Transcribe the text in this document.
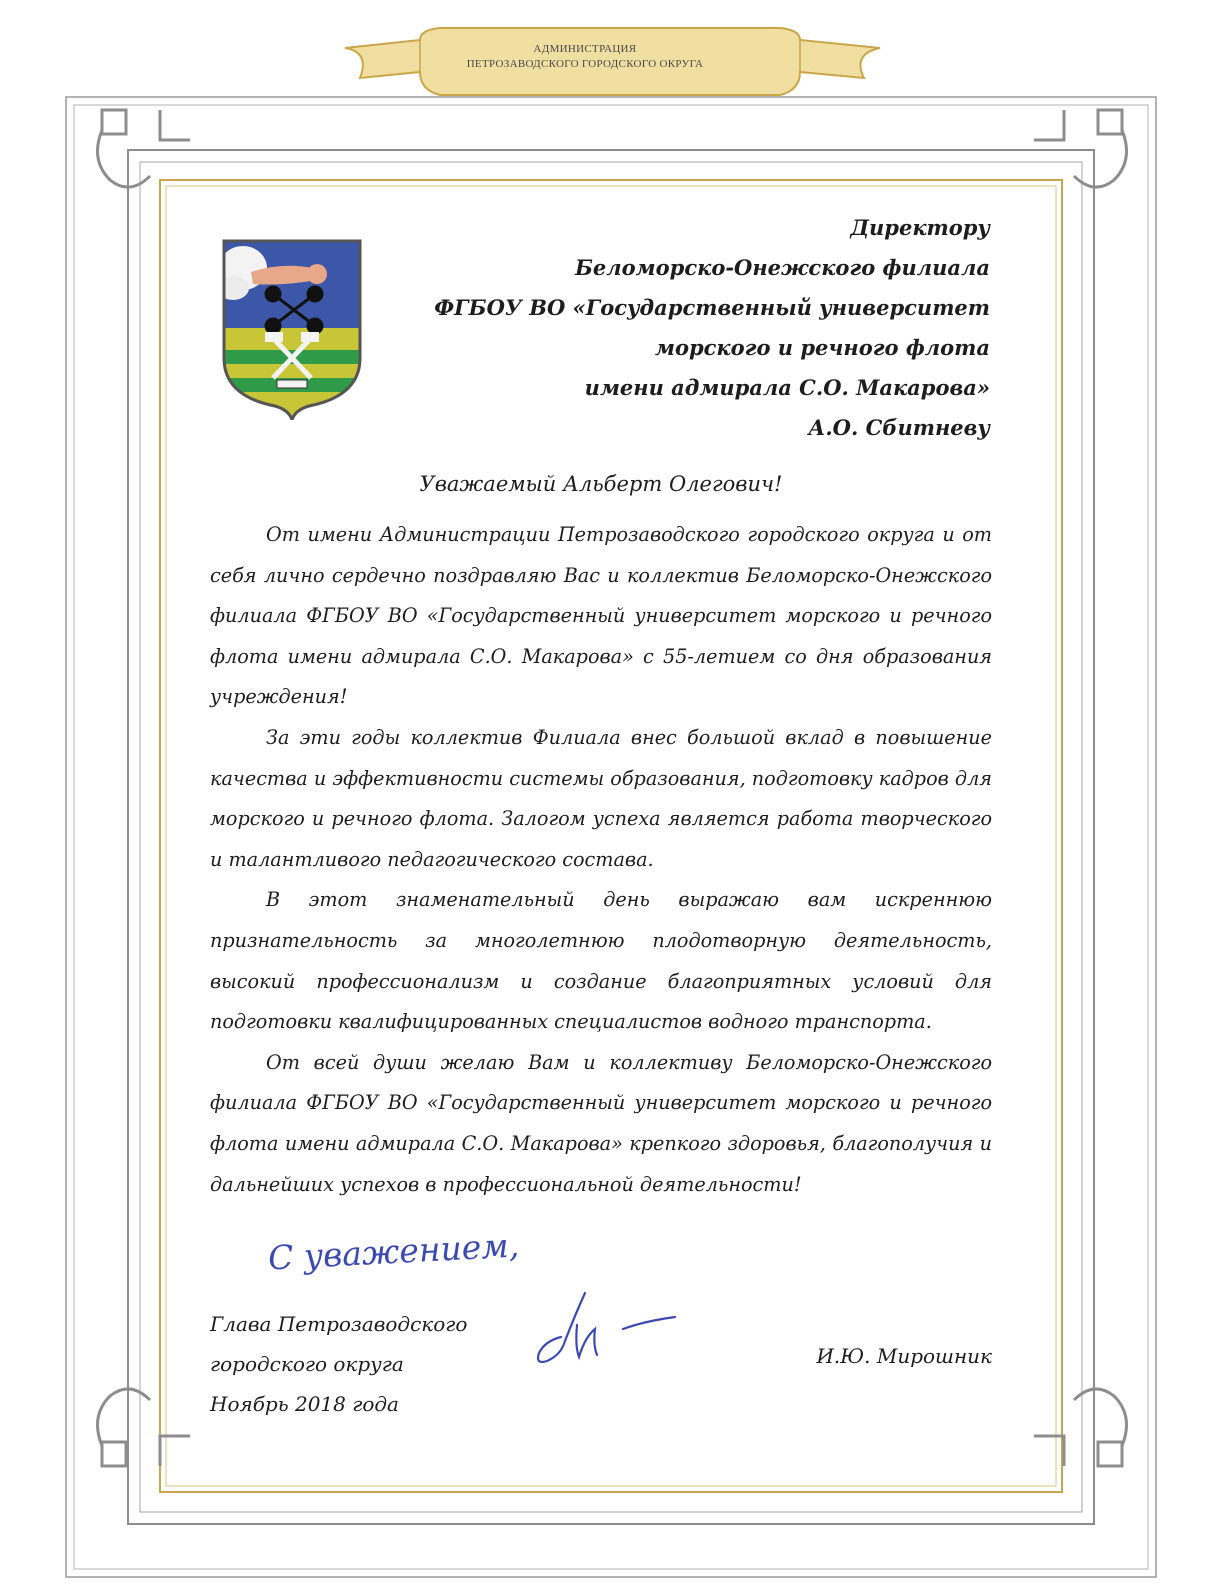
АДМИНИСТРАЦИЯ
ПЕТРОЗАВОДСКОГО ГОРОДСКОГО ОКРУГА
Директору
Беломорско-Онежского филиала
ФГБОУ ВО «Государственный университет
морского и речного флота
имени адмирала С.О. Макарова»
А.О. Сбитневу
Уважаемый Альберт Олегович!

От имени Администрации Петрозаводского городского округа и от себя лично сердечно поздравляю Вас и коллектив Беломорско-Онежского филиала ФГБОУ ВО «Государственный университет морского и речного флота имени адмирала С.О. Макарова» с 55-летием со дня образования учреждения!

За эти годы коллектив Филиала внес большой вклад в повышение качества и эффективности системы образования, подготовку кадров для морского и речного флота. Залогом успеха является работа творческого и талантливого педагогического состава.

В этот знаменательный день выражаю вам искреннюю признательность за многолетнюю плодотворную деятельность, высокий профессионализм и создание благоприятных условий для подготовки квалифицированных специалистов водного транспорта.

От всей души желаю Вам и коллективу Беломорско-Онежского филиала ФГБОУ ВО «Государственный университет морского и речного флота имени адмирала С.О. Макарова» крепкого здоровья, благополучия и дальнейших успехов в профессиональной деятельности!

С уважением,
Глава Петрозаводского
городского округа
Ноябрь 2018 года
И.Ю. Мирошник
